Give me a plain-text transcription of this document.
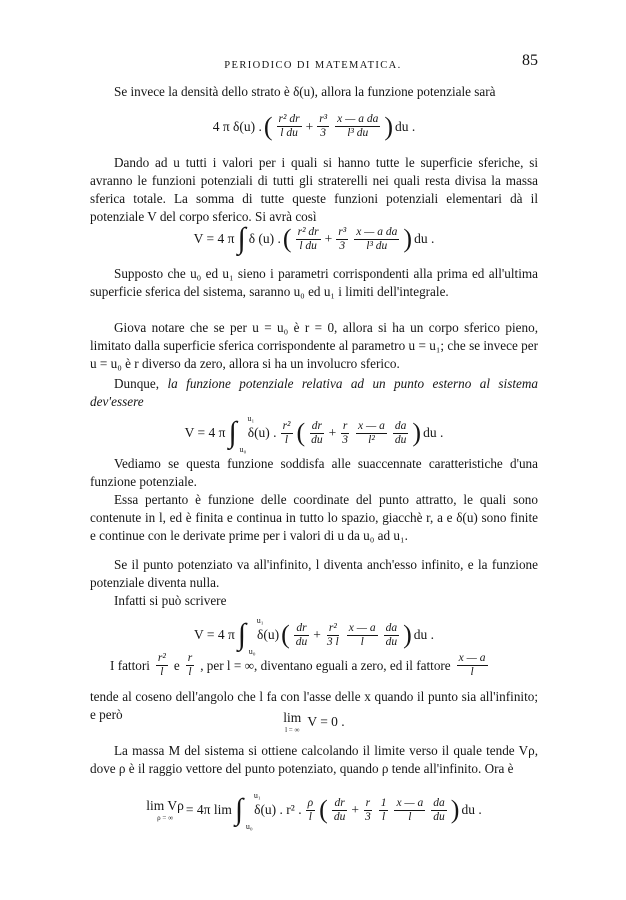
PERIODICO DI MATEMATICA.	85
Se invece la densità dello strato è δ(u), allora la funzione potenziale sarà
4 π δ(u) . ( $\frac{\text{r² dr}}{\text{l du}} + \frac{\text{r³}}{3} \frac{\text{x — a da}}{\text{l³ du}}$ ) du .
Dando ad u tutti i valori per i quali si hanno tutte le superficie sferiche, si avranno le funzioni potenziali di tutti gli straterelli nei quali resta divisa la massa sferica totale. La somma di tutte queste funzioni potenziali elementari dà il potenziale V del corpo sferico. Si avrà così
V = 4 π ∫ δ (u) . ( $\frac{\text{r² dr}}{\text{l du}} + \frac{\text{r³}}{3} \frac{\text{x — a da}}{\text{l³ du}}$ ) du .
Supposto che u₀ ed u₁ sieno i parametri corrispondenti alla prima ed all'ultima superficie sferica del sistema, saranno u₀ ed u₁ i limiti dell'integrale.
Giova notare che se per u = u₀ è r = 0, allora si ha un corpo sferico pieno, limitato dalla superficie sferica corrispondente al parametro u = u₁; che se invece per u = u₀ è r diverso da zero, allora si ha un involucro sferico.
Dunque, la funzione potenziale relativa ad un punto esterno al sistema dev'essere
V = 4 π ∫ u₁
u₀
δ(u) . $\frac{\text{r²}}{l}$ ( $\frac{dr}{du} + \frac{r}{3} \frac{x — a}{\text{l²}} \frac{da}{du}$ ) du .
Vediamo se questa funzione soddisfa alle suaccennate caratteristiche d'una funzione potenziale.
Essa pertanto è funzione delle coordinate del punto attratto, le quali sono contenute in l, ed è finita e continua in tutto lo spazio, giacchè r, a e δ(u) sono finite e continue con le derivate prime per i valori di u da u₀ ad u₁.
Se il punto potenziato va all'infinito, l diventa anch'esso infinito, e la funzione potenziale diventa nulla.
Infatti si può scrivere
V = 4 π ∫ u₁
u₀
δ(u) ( $\frac{dr}{du} + \frac{\text{r²}}{3 l} \frac{x — a}{l} \frac{da}{du}$ ) du .
I fattori $\frac{\text{r²}}{l}$ e $\frac{r}{l}$ , per l = ∞, diventano eguali a zero, ed il fattore $\frac{x — a}{l}$
tende al coseno dell'angolo che l fa con l'asse delle x quando il punto sia all'infinito; e però	lim
l = ∞
V = 0 .
La massa M del sistema si ottiene calcolando il limite verso il quale tende Vρ, dove ρ è il raggio vettore del punto potenziato, quando ρ tende all'infinito. Ora è
lim Vρ
ρ = ∞
= 4π lim ∫ u₁
u₀
δ(u) . r² . $\frac{\rho}{l}$ ( $\frac{dr}{du} + \frac{r}{3} \frac{1}{l} \frac{x — a}{l} \frac{da}{du}$ ) du .
